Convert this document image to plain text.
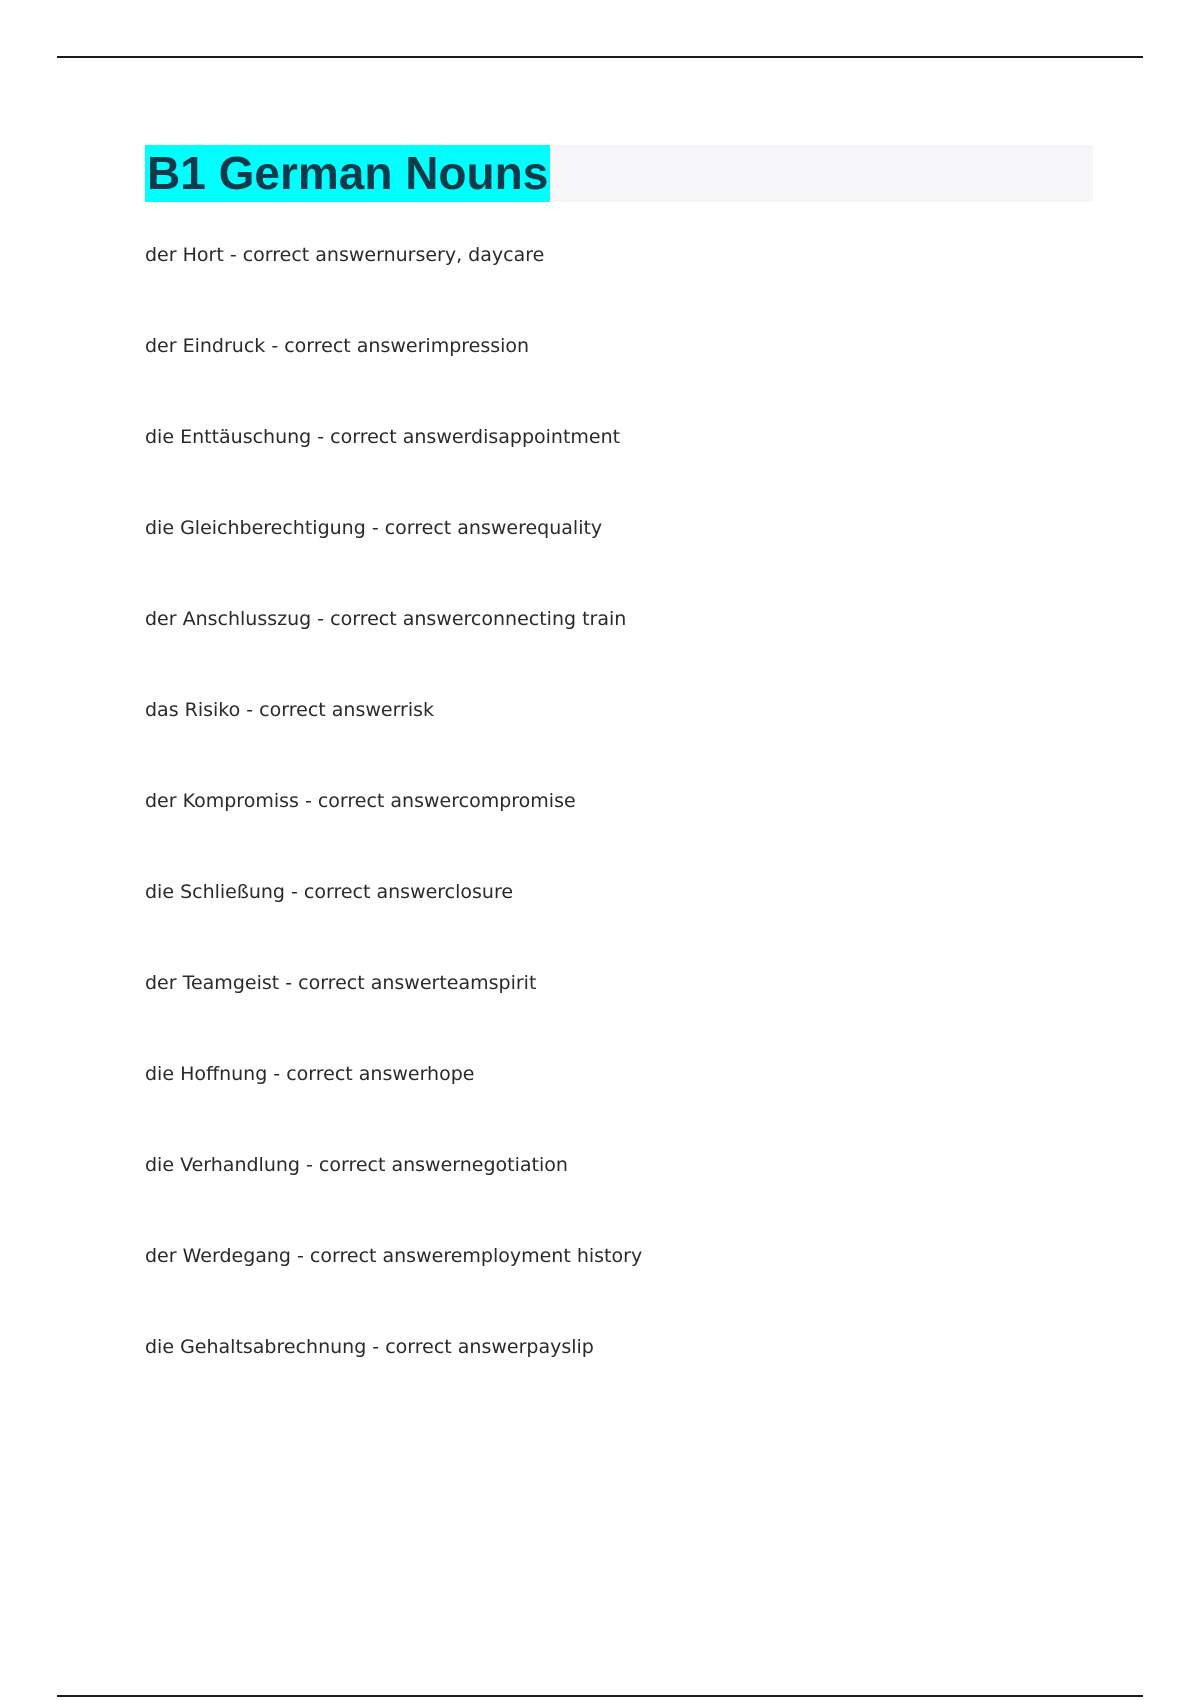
B1 German Nouns
der Hort - correct answernursery, daycare
der Eindruck - correct answerimpression
die Enttäuschung - correct answerdisappointment
die Gleichberechtigung - correct answerequality
der Anschlusszug - correct answerconnecting train
das Risiko - correct answerrisk
der Kompromiss - correct answercompromise
die Schließung - correct answerclosure
der Teamgeist - correct answerteamspirit
die Hoffnung - correct answerhope
die Verhandlung - correct answernegotiation
der Werdegang - correct answeremployment history
die Gehaltsabrechnung - correct answerpayslip
